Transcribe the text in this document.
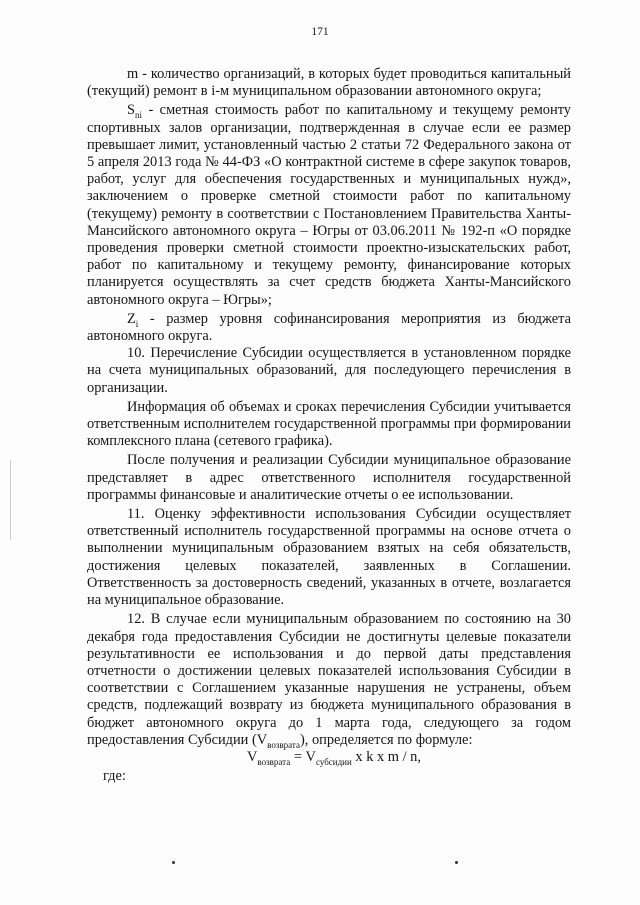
171

m - количество организаций, в которых будет проводиться капитальный (текущий) ремонт в i-м муниципальном образовании автономного округа;

$S_{ni}$ - сметная стоимость работ по капитальному и текущему ремонту спортивных залов организации, подтвержденная в случае если ее размер превышает лимит, установленный частью 2 статьи 72 Федерального закона от 5 апреля 2013 года № 44-ФЗ «О контрактной системе в сфере закупок товаров, работ, услуг для обеспечения государственных и муниципальных нужд», заключением о проверке сметной стоимости работ по капитальному (текущему) ремонту в соответствии с Постановлением Правительства Ханты-Мансийского автономного округа – Югры от 03.06.2011 № 192-п «О порядке проведения проверки сметной стоимости проектно-изыскательских работ, работ по капитальному и текущему ремонту, финансирование которых планируется осуществлять за счет средств бюджета Ханты-Мансийского автономного округа – Югры»;

$Z_i$ - размер уровня софинансирования мероприятия из бюджета автономного округа.

10. Перечисление Субсидии осуществляется в установленном порядке на счета муниципальных образований, для последующего перечисления в организации.

Информация об объемах и сроках перечисления Субсидии учитывается ответственным исполнителем государственной программы при формировании комплексного плана (сетевого графика).

После получения и реализации Субсидии муниципальное образование представляет в адрес ответственного исполнителя государственной программы финансовые и аналитические отчеты о ее использовании.

11. Оценку эффективности использования Субсидии осуществляет ответственный исполнитель государственной программы на основе отчета о выполнении муниципальным образованием взятых на себя обязательств, достижения целевых показателей, заявленных в Соглашении. Ответственность за достоверность сведений, указанных в отчете, возлагается на муниципальное образование.

12. В случае если муниципальным образованием по состоянию на 30 декабря года предоставления Субсидии не достигнуты целевые показатели результативности ее использования и до первой даты представления отчетности о достижении целевых показателей использования Субсидии в соответствии с Соглашением указанные нарушения не устранены, объем средств, подлежащий возврату из бюджета муниципального образования в бюджет автономного округа до 1 марта года, следующего за годом предоставления Субсидии $(V_{возврата})$, определяется по формуле:

$V_{возврата} = V_{субсидии}$ x k x m / n,

где:
